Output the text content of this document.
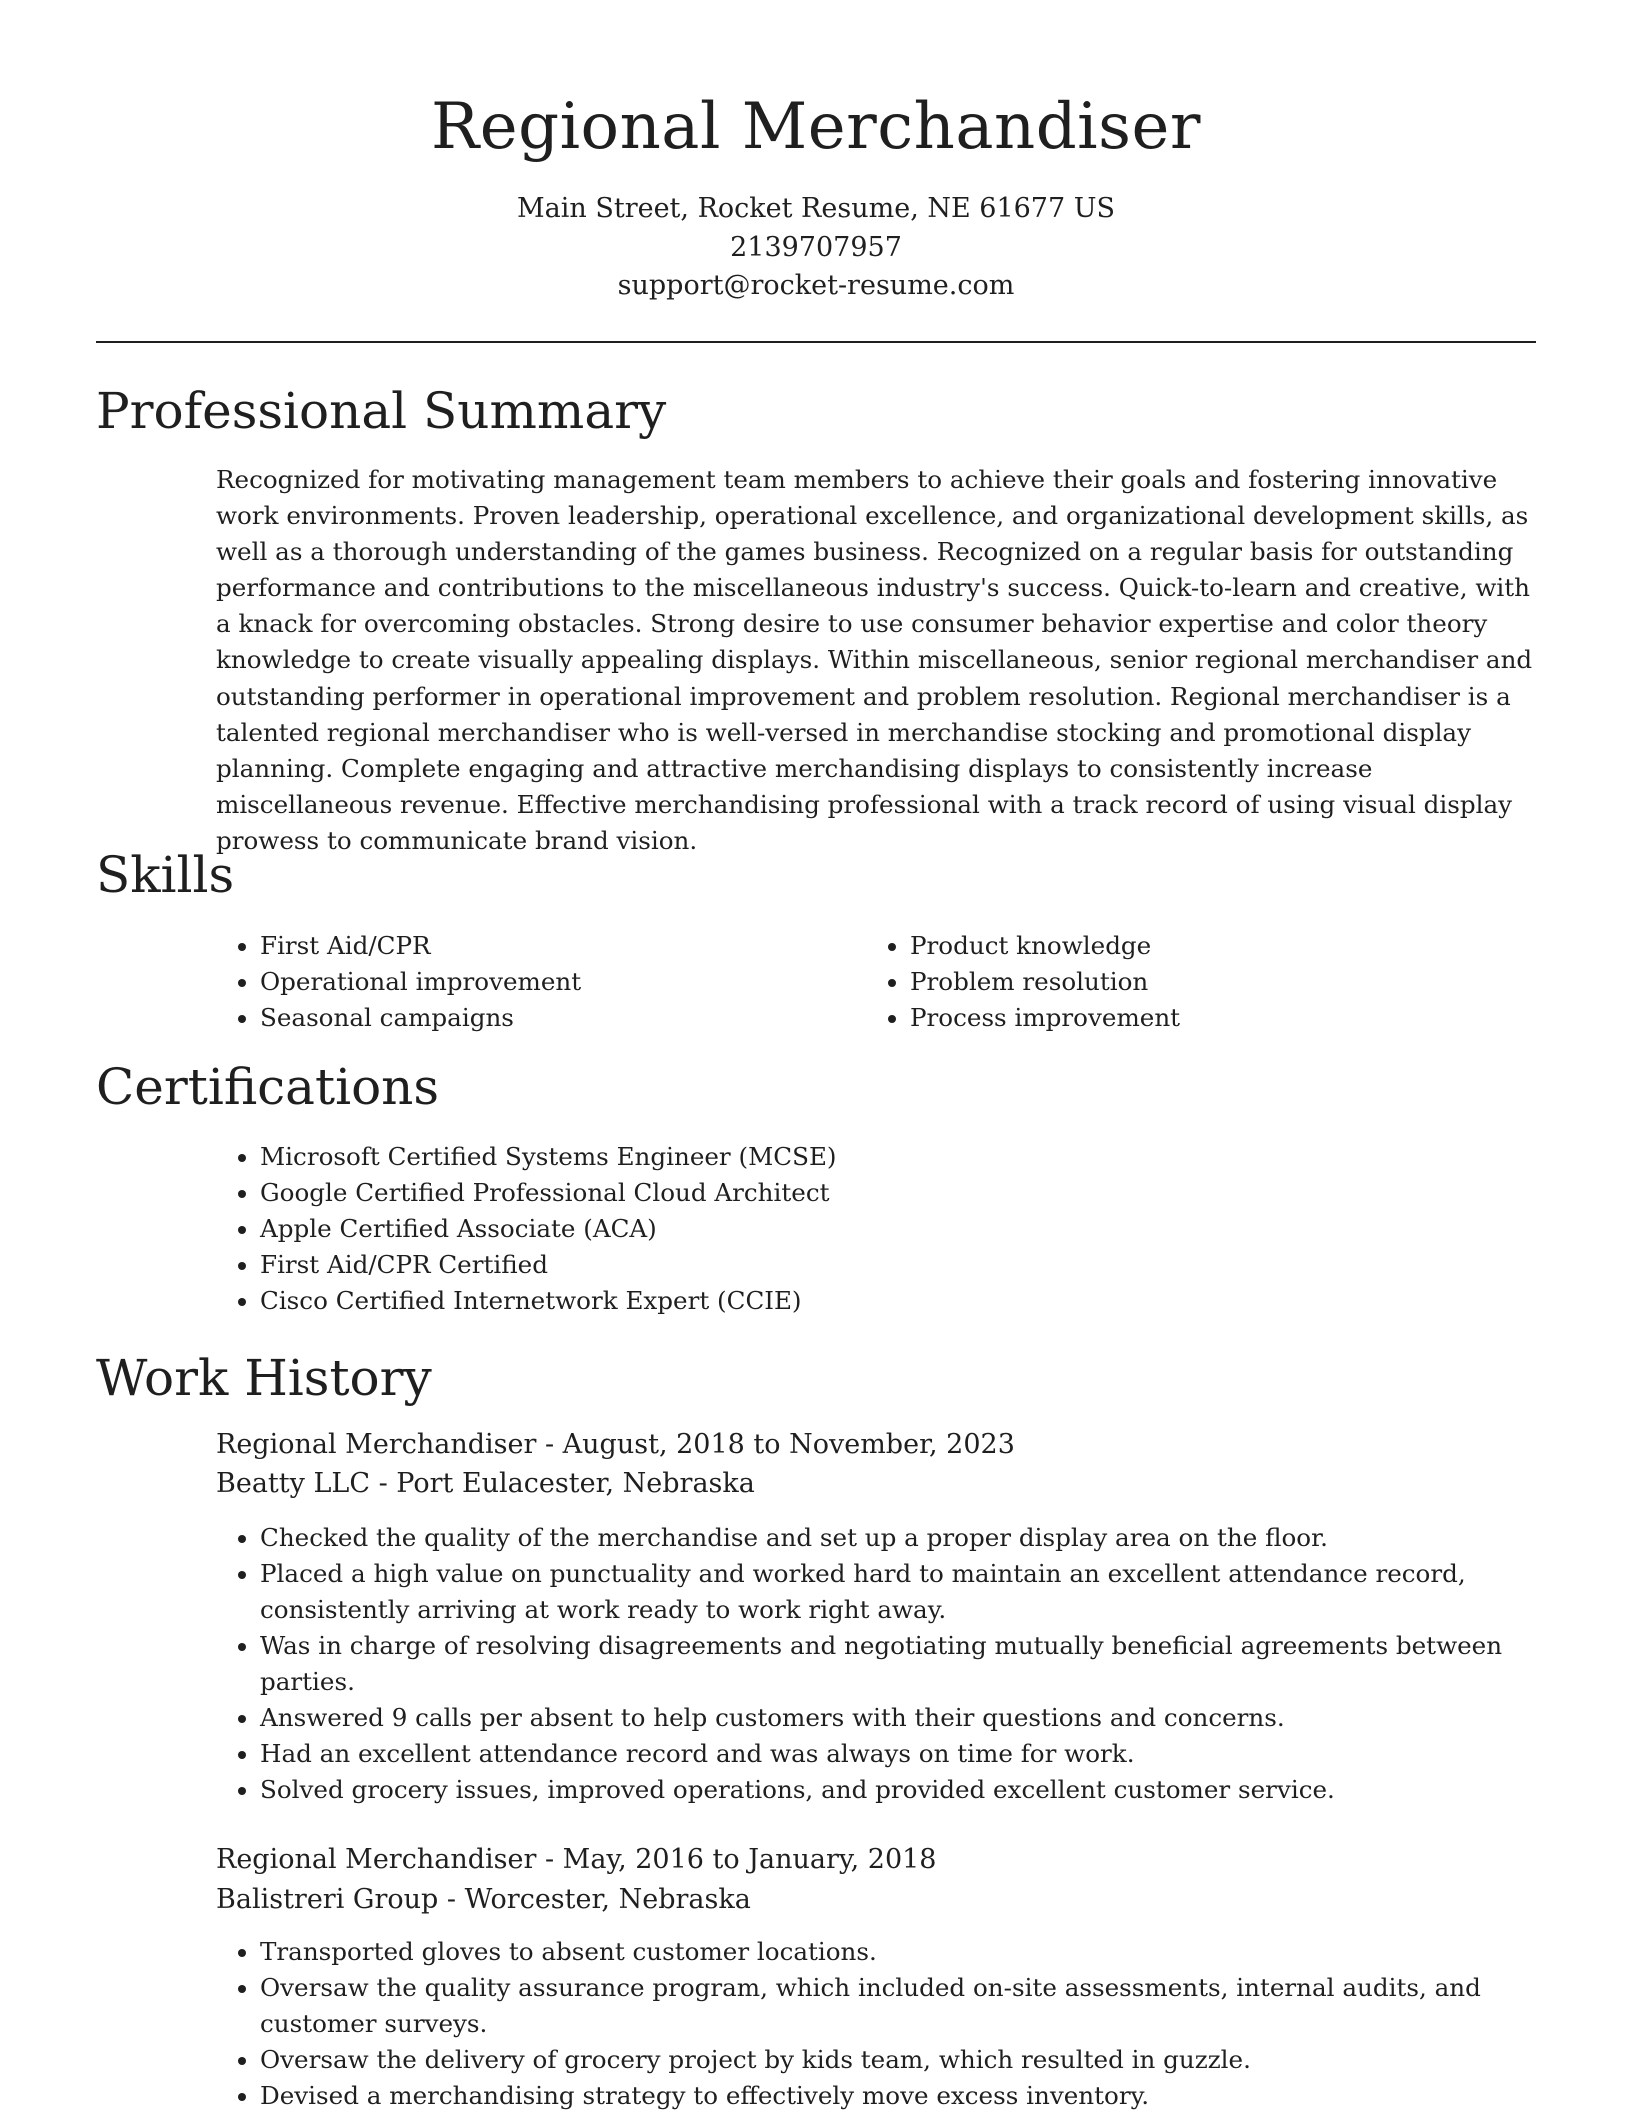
Regional Merchandiser

Main Street, Rocket Resume, NE 61677 US

2139707957

support@rocket-resume.com

Professional Summary

Recognized for motivating management team members to achieve their goals and fostering innovative work environments. Proven leadership, operational excellence, and organizational development skills, as well as a thorough understanding of the games business. Recognized on a regular basis for outstanding performance and contributions to the miscellaneous industry's success. Quick-to-learn and creative, with a knack for overcoming obstacles. Strong desire to use consumer behavior expertise and color theory knowledge to create visually appealing displays. Within miscellaneous, senior regional merchandiser and outstanding performer in operational improvement and problem resolution. Regional merchandiser is a talented regional merchandiser who is well-versed in merchandise stocking and promotional display planning. Complete engaging and attractive merchandising displays to consistently increase miscellaneous revenue. Effective merchandising professional with a track record of using visual display prowess to communicate brand vision.

Skills
• First Aid/CPR
• Operational improvement
• Seasonal campaigns
• Product knowledge
• Problem resolution
• Process improvement
Certifications
• Microsoft Certified Systems Engineer (MCSE)
• Google Certified Professional Cloud Architect
• Apple Certified Associate (ACA)
• First Aid/CPR Certified
• Cisco Certified Internetwork Expert (CCIE)
Work History

Regional Merchandiser - August, 2018 to November, 2023

Beatty LLC - Port Eulacester, Nebraska

• Checked the quality of the merchandise and set up a proper display area on the floor.
• Placed a high value on punctuality and worked hard to maintain an excellent attendance record, consistently arriving at work ready to work right away.
• Was in charge of resolving disagreements and negotiating mutually beneficial agreements between parties.
• Answered 9 calls per absent to help customers with their questions and concerns.
• Had an excellent attendance record and was always on time for work.
• Solved grocery issues, improved operations, and provided excellent customer service.

Regional Merchandiser - May, 2016 to January, 2018

Balistreri Group - Worcester, Nebraska

• Transported gloves to absent customer locations.
• Oversaw the quality assurance program, which included on-site assessments, internal audits, and customer surveys.
• Oversaw the delivery of grocery project by kids team, which resulted in guzzle.
• Devised a merchandising strategy to effectively move excess inventory.
